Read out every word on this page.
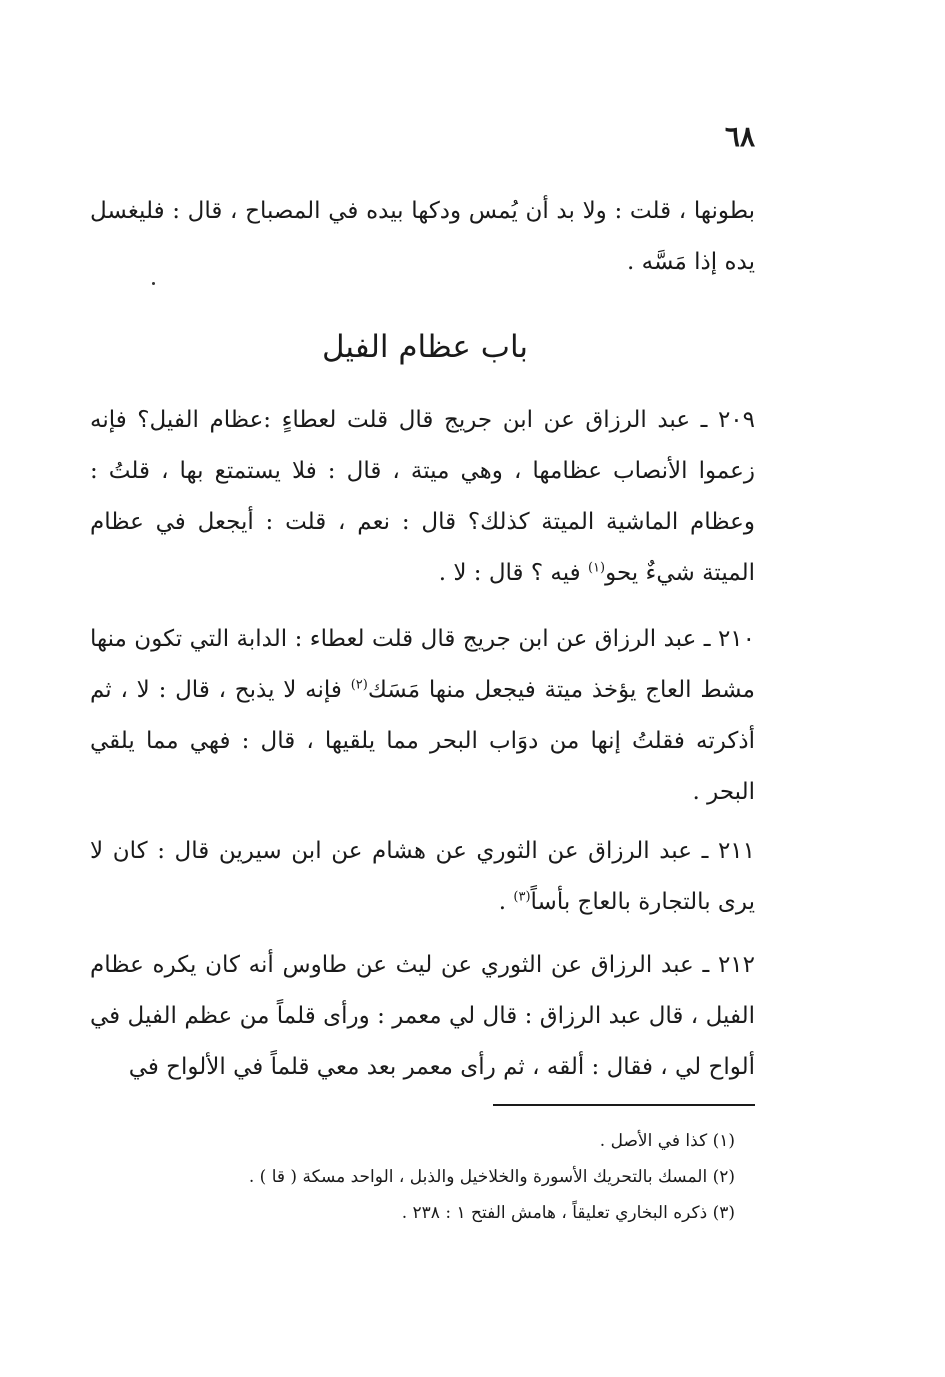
٦٨
بطونها ، قلت : ولا بد أن يُمس ودكها بيده في المصباح ، قال : فليغسل يده إذا مَسَّه .
باب عظام الفيل
٢٠٩ ـ عبد الرزاق عن ابن جريج قال قلت لعطاءٍ :عظام الفيل؟ فإنه زعموا الأنصاب عظامها ، وهي ميتة ، قال : فلا يستمتع بها ، قلتُ : وعظام الماشية الميتة كذلك؟ قال : نعم ، قلت : أيجعل في عظام الميتة شيءٌ يحو$^{(١)}$ فيه ؟ قال : لا .
٢١٠ ـ عبد الرزاق عن ابن جريج قال قلت لعطاء : الدابة التي تكون منها مشط العاج يؤخذ ميتة فيجعل منها مَسَك$^{(٢)}$ فإنه لا يذبح ، قال : لا ، ثم أذكرته فقلتُ إنها من دوَاب البحر مما يلقيها ، قال : فهي مما يلقي البحر .
٢١١ ـ عبد الرزاق عن الثوري عن هشام عن ابن سيرين قال : كان لا يرى بالتجارة بالعاج بأساً$^{(٣)}$ .
٢١٢ ـ عبد الرزاق عن الثوري عن ليث عن طاوس أنه كان يكره عظام الفيل ، قال عبد الرزاق : قال لي معمر : ورأى قلماً من عظم الفيل في ألواح لي ، فقال : ألقه ، ثم رأى معمر بعد معي قلماً في الألواح في
(١) كذا في الأصل .
(٢) المسك بالتحريك الأسورة والخلاخيل والذبل ، الواحد مسكة ( قا ) .
(٣) ذكره البخاري تعليقاً ، هامش الفتح ١ : ٢٣٨ .
